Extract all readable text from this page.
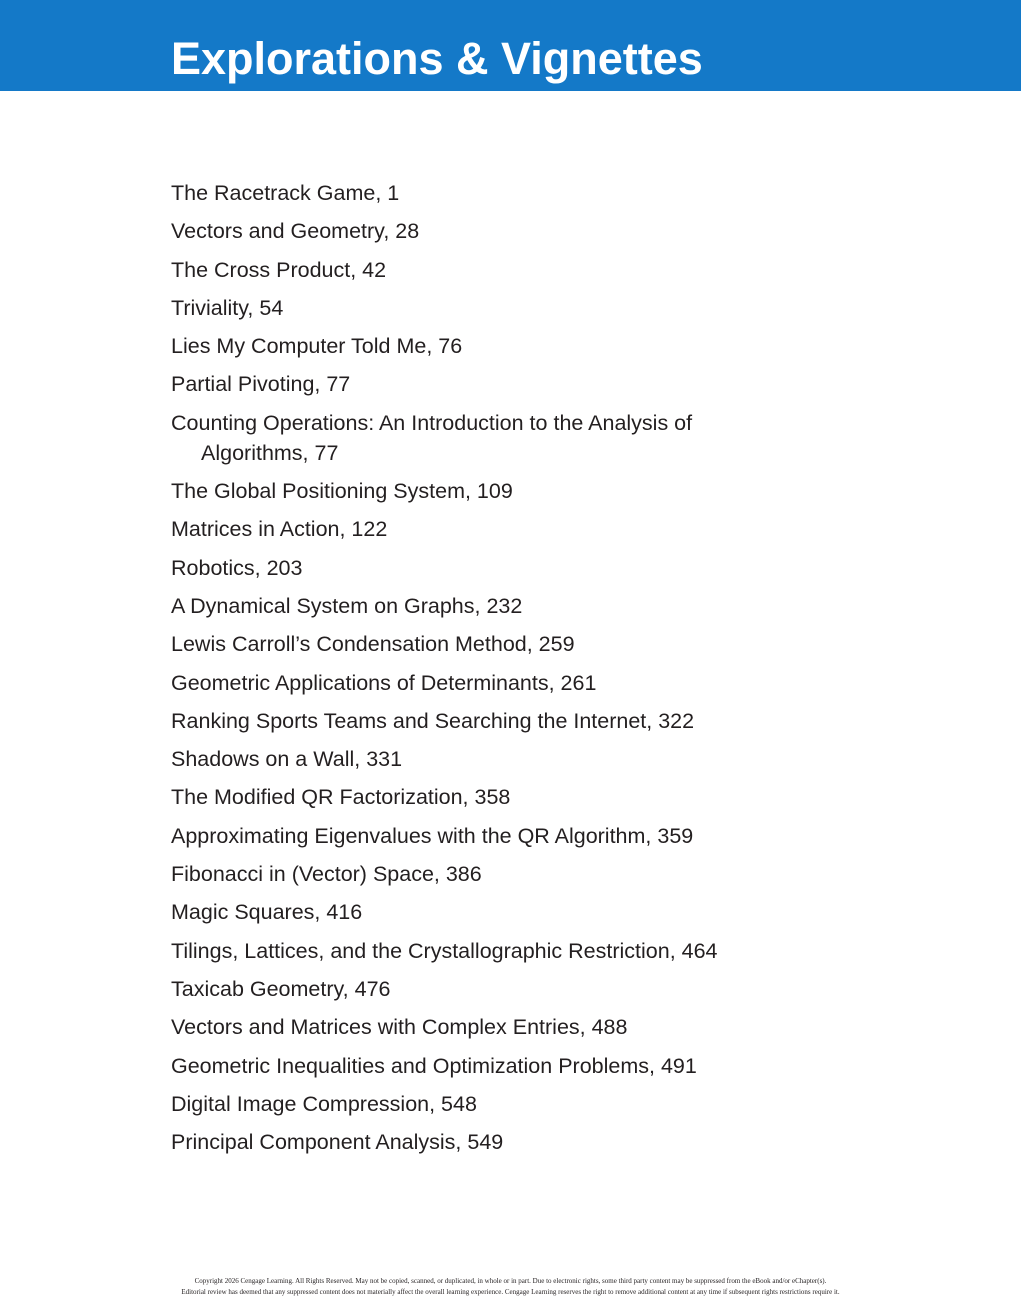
Explorations & Vignettes
The Racetrack Game, 1
Vectors and Geometry, 28
The Cross Product, 42
Triviality, 54
Lies My Computer Told Me, 76
Partial Pivoting, 77
Counting Operations: An Introduction to the Analysis of Algorithms, 77
The Global Positioning System, 109
Matrices in Action, 122
Robotics, 203
A Dynamical System on Graphs, 232
Lewis Carroll’s Condensation Method, 259
Geometric Applications of Determinants, 261
Ranking Sports Teams and Searching the Internet, 322
Shadows on a Wall, 331
The Modified QR Factorization, 358
Approximating Eigenvalues with the QR Algorithm, 359
Fibonacci in (Vector) Space, 386
Magic Squares, 416
Tilings, Lattices, and the Crystallographic Restriction, 464
Taxicab Geometry, 476
Vectors and Matrices with Complex Entries, 488
Geometric Inequalities and Optimization Problems, 491
Digital Image Compression, 548
Principal Component Analysis, 549
Copyright 2026 Cengage Learning. All Rights Reserved. May not be copied, scanned, or duplicated, in whole or in part. Due to electronic rights, some third party content may be suppressed from the eBook and/or eChapter(s).
Editorial review has deemed that any suppressed content does not materially affect the overall learning experience. Cengage Learning reserves the right to remove additional content at any time if subsequent rights restrictions require it.
